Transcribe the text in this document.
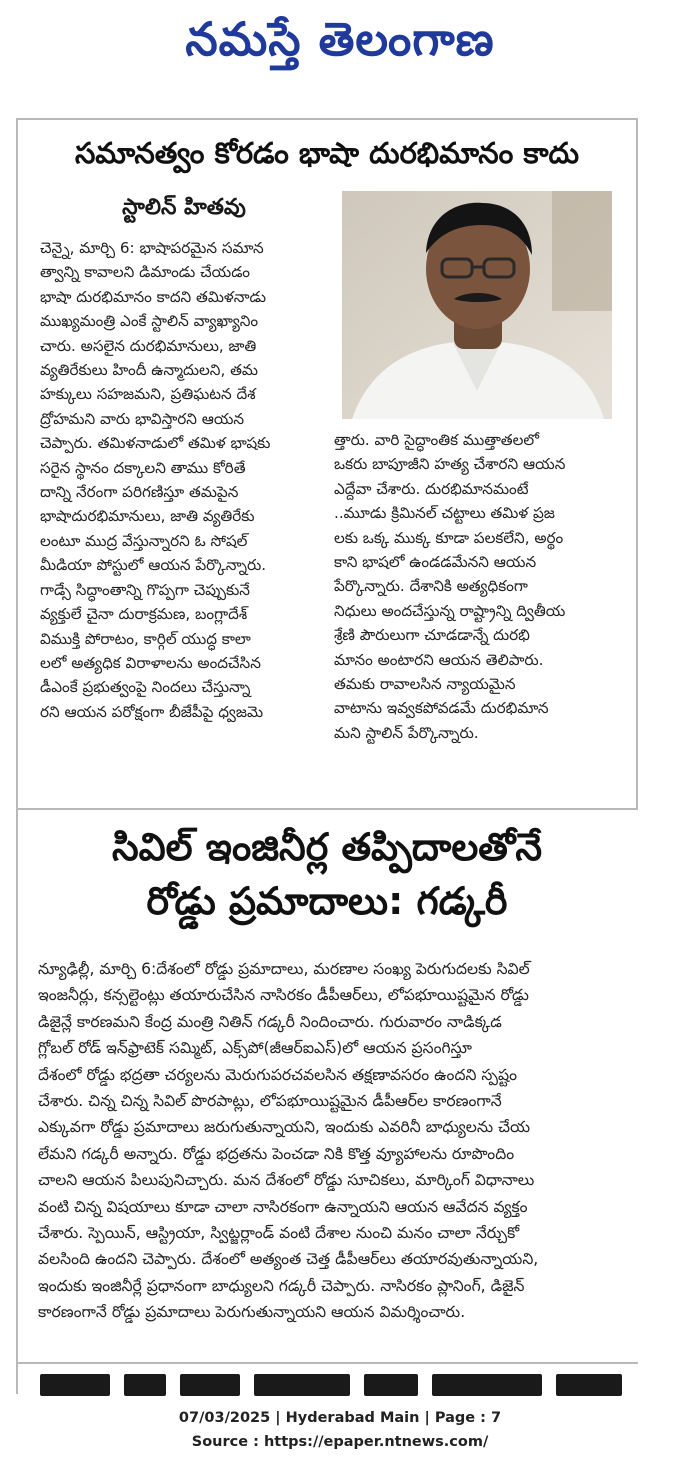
నమస్తే తెలంగాణ
సమానత్వం కోరడం భాషా దురభిమానం కాదు
స్టాలిన్ హితవు
చెన్నై, మార్చి 6: భాషాపరమైన సమాన
త్వాన్ని కావాలని డిమాండు చేయడం
భాషా దురభిమానం కాదని తమిళనాడు
ముఖ్యమంత్రి ఎంకే స్టాలిన్ వ్యాఖ్యానిం
చారు. అసలైన దురభిమానులు, జాతి
వ్యతిరేకులు హిందీ ఉన్మాదులని, తమ
హక్కులు సహజమని, ప్రతిఘటన దేశ
ద్రోహమని వారు భావిస్తారని ఆయన
చెప్పారు. తమిళనాడులో తమిళ భాషకు
సరైన స్థానం దక్కాలని తాము కోరితే
దాన్ని నేరంగా పరిగణిస్తూ తమపైన
భాషాదురభిమానులు, జాతి వ్యతిరేకు
లంటూ ముద్ర వేస్తున్నారని ఓ సోషల్
మీడియా పోస్టులో ఆయన పేర్కొన్నారు.
గాడ్సే సిద్ధాంతాన్ని గొప్పగా చెప్పుకునే
వ్యక్తులే చైనా దురాక్రమణ, బంగ్లాదేశ్
విముక్తి పోరాటం, కార్గిల్ యుద్ధ కాలా
లలో అత్యధిక విరాళాలను అందచేసిన
డీఎంకే ప్రభుత్వంపై నిందలు చేస్తున్నా
రని ఆయన పరోక్షంగా బీజేపీపై ధ్వజమె
త్తారు. వారి సైద్ధాంతిక ముత్తాతలలో
ఒకరు బాపూజీని హత్య చేశారని ఆయన
ఎద్దేవా చేశారు. దురభిమానమంటే
..మూడు క్రిమినల్ చట్టాలు తమిళ ప్రజ
లకు ఒక్క ముక్క కూడా పలకలేని, అర్థం
కాని భాషలో ఉండడమేనని ఆయన
పేర్కొన్నారు. దేశానికి అత్యధికంగా
నిధులు అందచేస్తున్న రాష్ట్రాన్ని ద్వితీయ
శ్రేణి పౌరులుగా చూడడాన్నే దురభి
మానం అంటారని ఆయన తెలిపారు.
తమకు రావాలసిన న్యాయమైన
వాటాను ఇవ్వకపోవడమే దురభిమాన
మని స్టాలిన్ పేర్కొన్నారు.
సివిల్ ఇంజినీర్ల తప్పిదాలతోనే
రోడ్డు ప్రమాదాలు: గడ్కరీ
న్యూఢిల్లీ, మార్చి 6:దేశంలో రోడ్డు ప్రమాదాలు, మరణాల సంఖ్య పెరుగుదలకు సివిల్
ఇంజనీర్లు, కన్సల్టెంట్లు తయారుచేసిన నాసిరకం డీపీఆర్‌లు, లోపభూయిష్టమైన రోడ్డు
డిజైన్లే కారణమని కేంద్ర మంత్రి నితిన్ గడ్కరీ నిందించారు. గురువారం నాడిక్కడ
గ్లోబల్ రోడ్ ఇన్‌ఫ్రాటెక్ సమ్మిట్, ఎక్స్‌పో(జీఆర్ఐఎస్)లో ఆయన ప్రసంగిస్తూ
దేశంలో రోడ్డు భద్రతా చర్యలను మెరుగుపరచవలసిన తక్షణావసరం ఉందని స్పష్టం
చేశారు. చిన్న చిన్న సివిల్ పొరపాట్లు, లోపభూయిష్టమైన డీపీఆర్‌ల కారణంగానే
ఎక్కువగా రోడ్డు ప్రమాదాలు జరుగుతున్నాయని, ఇందుకు ఎవరినీ బాధ్యులను చేయ
లేమని గడ్కరీ అన్నారు. రోడ్డు భద్రతను పెంచడా నికి కొత్త వ్యూహాలను రూపొందిం
చాలని ఆయన పిలుపునిచ్చారు. మన దేశంలో రోడ్డు సూచికలు, మార్కింగ్ విధానాలు
వంటి చిన్న విషయాలు కూడా చాలా నాసిరకంగా ఉన్నాయని ఆయన ఆవేదన వ్యక్తం
చేశారు. స్పెయిన్, ఆస్ట్రియా, స్విట్జర్లాండ్ వంటి దేశాల నుంచి మనం చాలా నేర్చుకో
వలసింది ఉందని చెప్పారు. దేశంలో అత్యంత చెత్త డీపీఆర్‌లు తయారవుతున్నాయని,
ఇందుకు ఇంజినీర్లే ప్రధానంగా బాధ్యులని గడ్కరీ చెప్పారు. నాసిరకం ప్లానింగ్, డిజైన్
కారణంగానే రోడ్డు ప్రమాదాలు పెరుగుతున్నాయని ఆయన విమర్శించారు.
07/03/2025 | Hyderabad Main | Page : 7
Source : https://epaper.ntnews.com/
